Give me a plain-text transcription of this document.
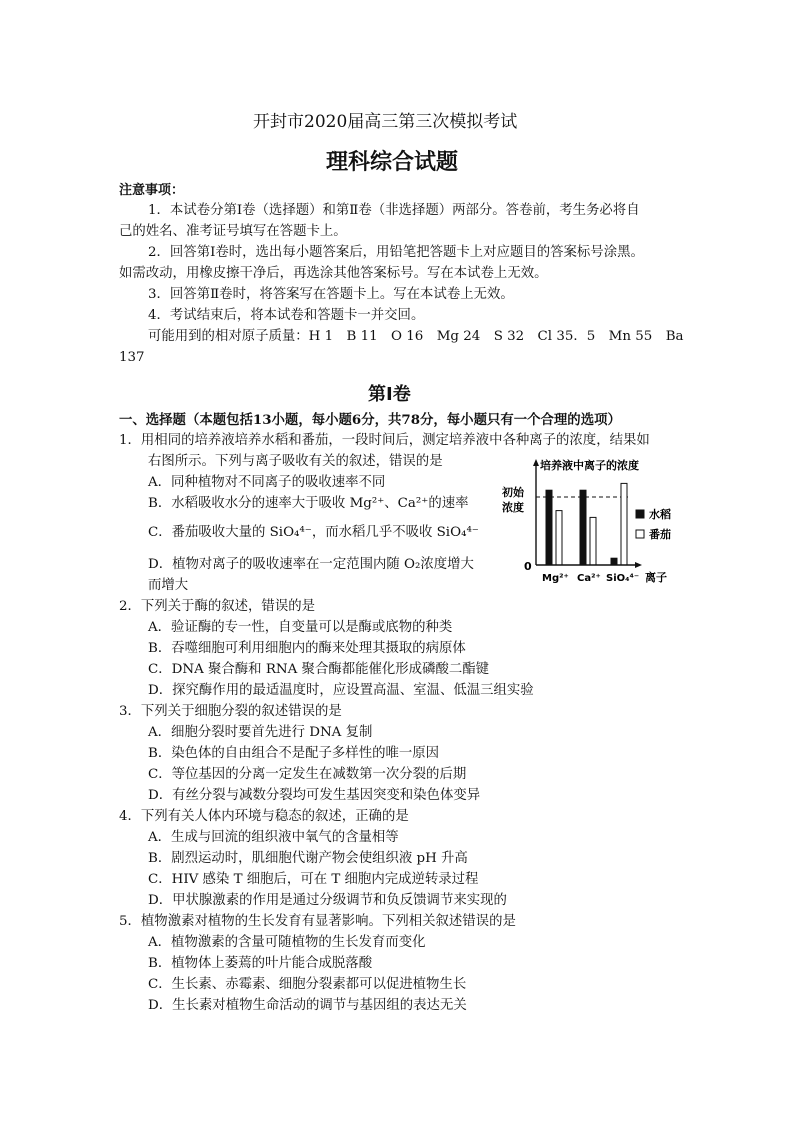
开封市2020届高三第三次模拟考试
理科综合试题
注意事项：
1．本试卷分第Ⅰ卷（选择题）和第Ⅱ卷（非选择题）两部分。答卷前，考生务必将自
己的姓名、准考证号填写在答题卡上。
2．回答第Ⅰ卷时，选出每小题答案后，用铅笔把答题卡上对应题目的答案标号涂黑。
如需改动，用橡皮擦干净后，再选涂其他答案标号。写在本试卷上无效。
3．回答第Ⅱ卷时，将答案写在答题卡上。写在本试卷上无效。
4．考试结束后，将本试卷和答题卡一并交回。
可能用到的相对原子质量：H 1　B 11　O 16　Mg 24　S 32　Cl 35．5　Mn 55　Ba
137
第Ⅰ卷
一、选择题（本题包括13小题，每小题6分，共78分，每小题只有一个合理的选项）
1．用相同的培养液培养水稻和番茄，一段时间后，测定培养液中各种离子的浓度，结果如
右图所示。下列与离子吸收有关的叙述，错误的是
A．同种植物对不同离子的吸收速率不同
B．水稻吸收水分的速率大于吸收 Mg²⁺、Ca²⁺的速率
C．番茄吸收大量的 SiO₄⁴⁻，而水稻几乎不吸收 SiO₄⁴⁻
D．植物对离子的吸收速率在一定范围内随 O₂浓度增大
而增大
培养液中离子的浓度
初始
浓度
0
Mg²⁺ Ca²⁺ SiO₄⁴⁻ 离子
水稻
番茄
2．下列关于酶的叙述，错误的是
A．验证酶的专一性，自变量可以是酶或底物的种类
B．吞噬细胞可利用细胞内的酶来处理其摄取的病原体
C．DNA 聚合酶和 RNA 聚合酶都能催化形成磷酸二酯键
D．探究酶作用的最适温度时，应设置高温、室温、低温三组实验
3．下列关于细胞分裂的叙述错误的是
A．细胞分裂时要首先进行 DNA 复制
B．染色体的自由组合不是配子多样性的唯一原因
C．等位基因的分离一定发生在减数第一次分裂的后期
D．有丝分裂与减数分裂均可发生基因突变和染色体变异
4．下列有关人体内环境与稳态的叙述，正确的是
A．生成与回流的组织液中氧气的含量相等
B．剧烈运动时，肌细胞代谢产物会使组织液 pH 升高
C．HIV 感染 T 细胞后，可在 T 细胞内完成逆转录过程
D．甲状腺激素的作用是通过分级调节和负反馈调节来实现的
5．植物激素对植物的生长发育有显著影响。下列相关叙述错误的是
A．植物激素的含量可随植物的生长发育而变化
B．植物体上萎蔫的叶片能合成脱落酸
C．生长素、赤霉素、细胞分裂素都可以促进植物生长
D．生长素对植物生命活动的调节与基因组的表达无关
